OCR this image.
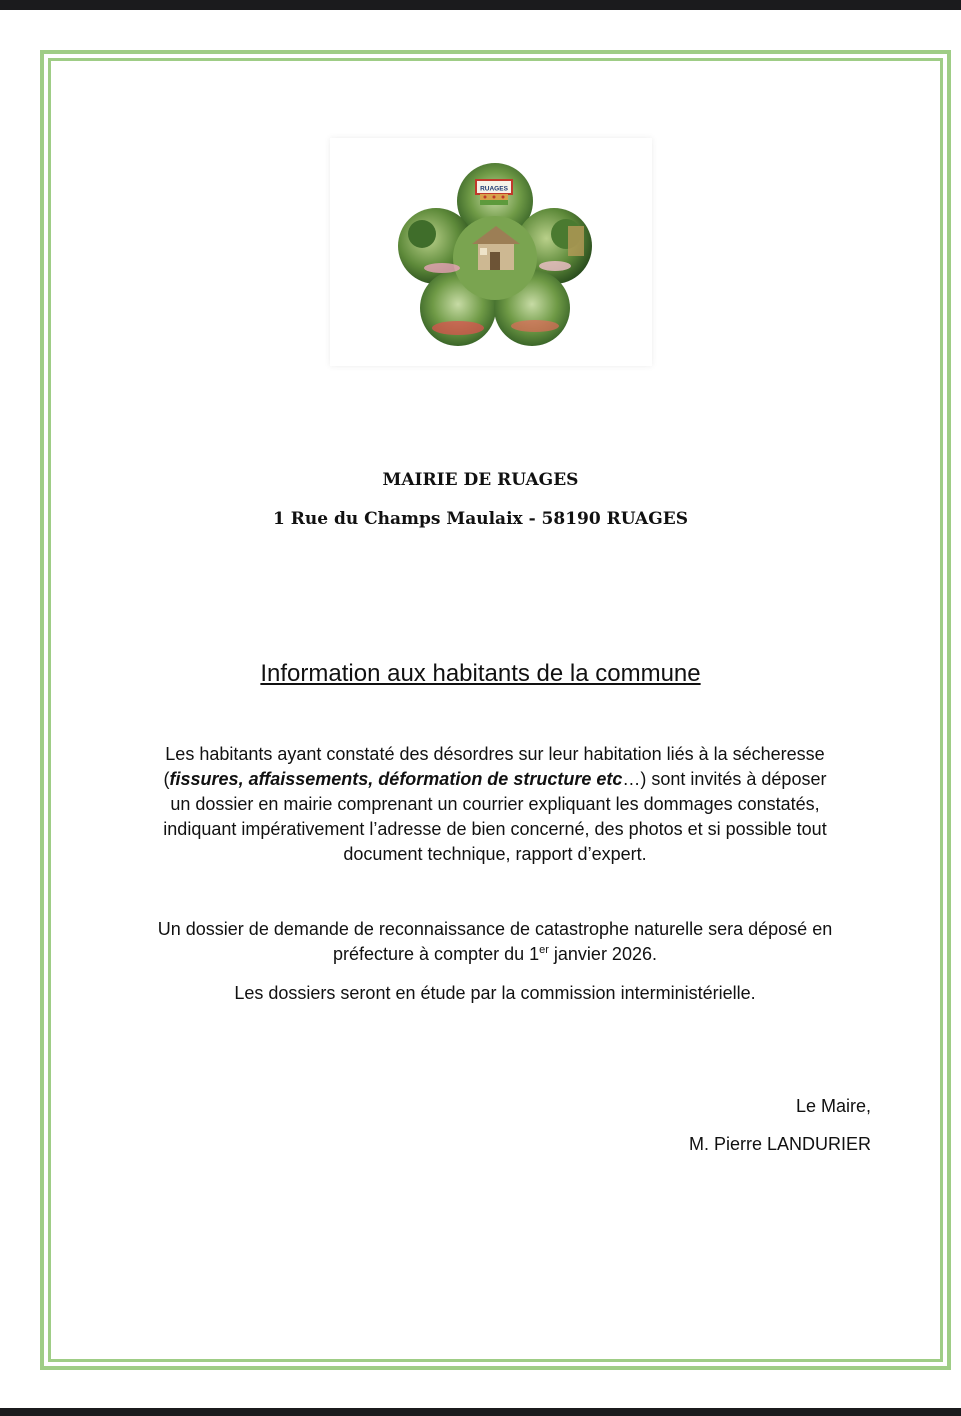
RUAGES
MAIRIE DE RUAGES
1 Rue du Champs Maulaix - 58190 RUAGES
Information aux habitants de la commune
Les habitants ayant constaté des désordres sur leur habitation liés à la sécheresse
(fissures, affaissements, déformation de structure etc…) sont invités à déposer
un dossier en mairie comprenant un courrier expliquant les dommages constatés,
indiquant impérativement l’adresse de bien concerné, des photos et si possible tout
document technique, rapport d’expert.
Un dossier de demande de reconnaissance de catastrophe naturelle sera déposé en
préfecture à compter du 1er janvier 2026.
Les dossiers seront en étude par la commission interministérielle.
Le Maire,
M. Pierre LANDURIER
